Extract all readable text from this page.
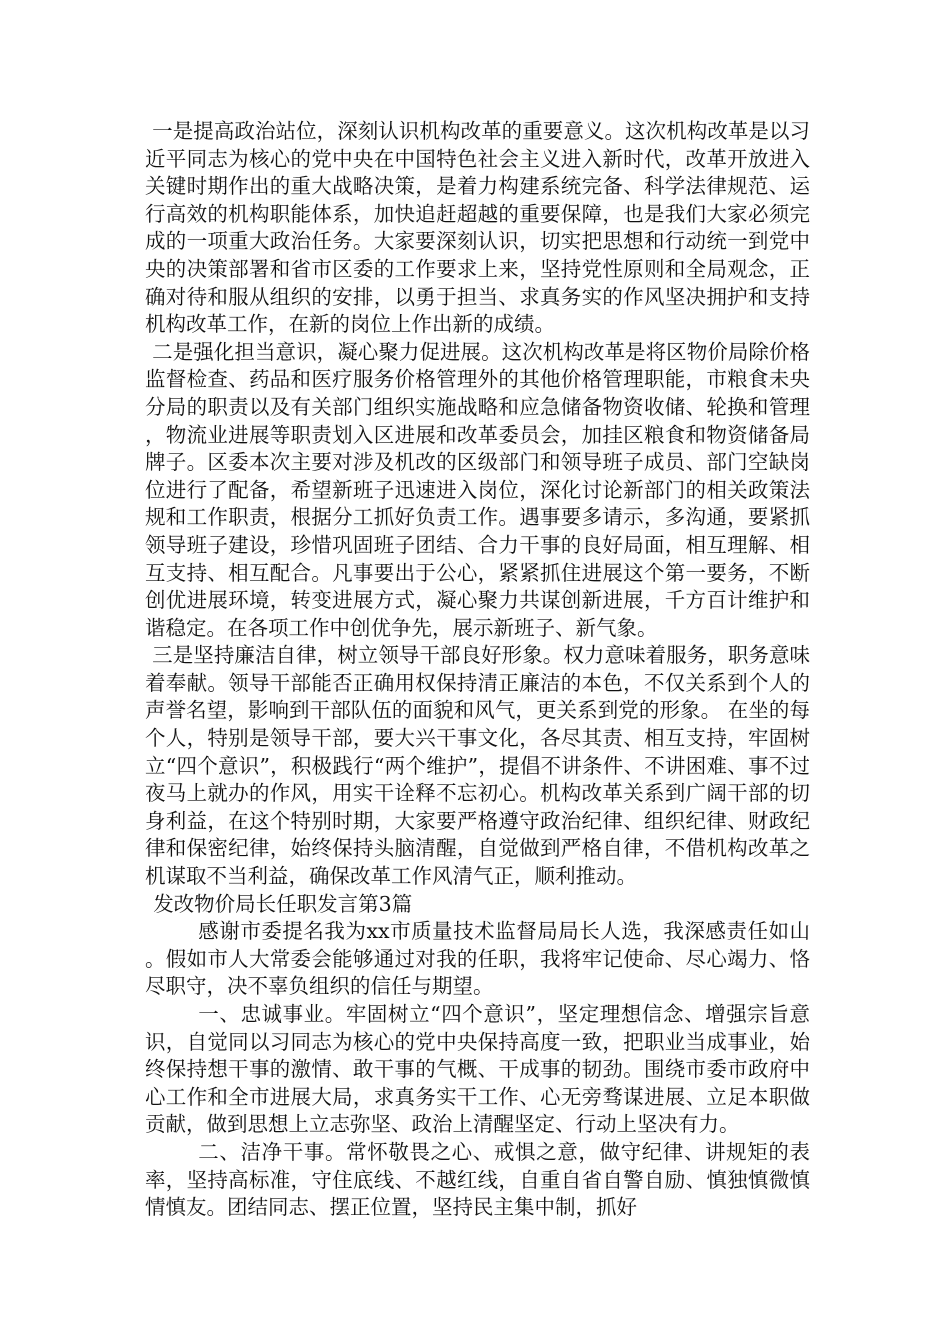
一是提高政治站位，深刻认识机构改革的重要意义。这次机构改革是以习近平同志为核心的党中央在中国特色社会主义进入新时代，改革开放进入关键时期作出的重大战略决策，是着力构建系统完备、科学法律规范、运行高效的机构职能体系，加快追赶超越的重要保障，也是我们大家必须完成的一项重大政治任务。大家要深刻认识，切实把思想和行动统一到党中央的决策部署和省市区委的工作要求上来，坚持党性原则和全局观念，正确对待和服从组织的安排，以勇于担当、求真务实的作风坚决拥护和支持机构改革工作，在新的岗位上作出新的成绩。

二是强化担当意识，凝心聚力促进展。这次机构改革是将区物价局除价格监督检查、药品和医疗服务价格管理外的其他价格管理职能，市粮食未央分局的职责以及有关部门组织实施战略和应急储备物资收储、轮换和管理，物流业进展等职责划入区进展和改革委员会，加挂区粮食和物资储备局牌子。区委本次主要对涉及机改的区级部门和领导班子成员、部门空缺岗位进行了配备，希望新班子迅速进入岗位，深化讨论新部门的相关政策法规和工作职责，根据分工抓好负责工作。遇事要多请示，多沟通，要紧抓领导班子建设，珍惜巩固班子团结、合力干事的良好局面，相互理解、相互支持、相互配合。凡事要出于公心，紧紧抓住进展这个第一要务，不断创优进展环境，转变进展方式，凝心聚力共谋创新进展，千方百计维护和谐稳定。在各项工作中创优争先，展示新班子、新气象。

三是坚持廉洁自律，树立领导干部良好形象。权力意味着服务，职务意味着奉献。领导干部能否正确用权保持清正廉洁的本色，不仅关系到个人的声誉名望，影响到干部队伍的面貌和风气，更关系到党的形象。 在坐的每个人，特别是领导干部，要大兴干事文化，各尽其责、相互支持，牢固树立“四个意识”，积极践行“两个维护”，提倡不讲条件、不讲困难、事不过夜马上就办的作风，用实干诠释不忘初心。机构改革关系到广阔干部的切身利益，在这个特别时期，大家要严格遵守政治纪律、组织纪律、财政纪律和保密纪律，始终保持头脑清醒，自觉做到严格自律，不借机构改革之机谋取不当利益，确保改革工作风清气正，顺利推动。

发改物价局长任职发言第3篇

感谢市委提名我为xx市质量技术监督局局长人选，我深感责任如山。假如市人大常委会能够通过对我的任职，我将牢记使命、尽心竭力、恪尽职守，决不辜负组织的信任与期望。

一、忠诚事业。牢固树立“四个意识”，坚定理想信念、增强宗旨意识，自觉同以习同志为核心的党中央保持高度一致，把职业当成事业，始终保持想干事的激情、敢干事的气概、干成事的韧劲。围绕市委市政府中心工作和全市进展大局，求真务实干工作、心无旁骛谋进展、立足本职做贡献，做到思想上立志弥坚、政治上清醒坚定、行动上坚决有力。

二、洁净干事。常怀敬畏之心、戒惧之意，做守纪律、讲规矩的表率，坚持高标准，守住底线、不越红线，自重自省自警自励、慎独慎微慎情慎友。团结同志、摆正位置，坚持民主集中制，抓好
